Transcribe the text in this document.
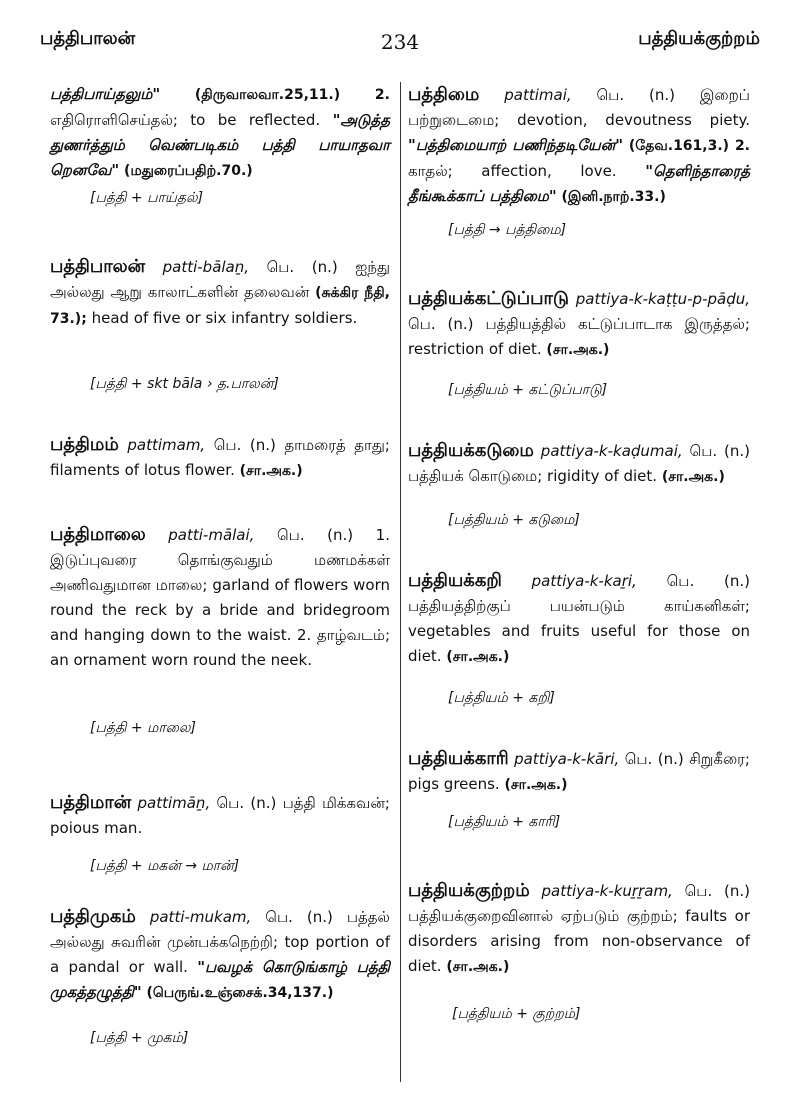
பத்திபாலன்	234	பத்தியக்குற்றம்

பத்திபாய்தலும்" (திருவாலவா.25,11.) 2. எதிரொளிசெய்தல்; to be reflected. "அடுத்த துணர்த்தும் வெண்படிகம் பத்தி பாயாதவா றெனவே" (மதுரைப்பதிற்.70.)

[பத்தி + பாய்தல்]

பத்திபாலன் patti-bālaṉ, பெ. (n.) ஐந்து அல்லது ஆறு காலாட்களின் தலைவன் (சுக்கிர நீதி, 73.); head of five or six infantry soldiers.

[பத்தி + skt bāla › த.பாலன்]

பத்திமம் pattimam, பெ. (n.) தாமரைத் தாது; filaments of lotus flower. (சா.அக.)

பத்திமாலை patti-mālai, பெ. (n.) 1. இடுப்புவரை தொங்குவதும் மணமக்கள் அணிவதுமான மாலை; garland of flowers worn round the reck by a bride and bridegroom and hanging down to the waist. 2. தாழ்வடம்; an ornament worn round the neek.

[பத்தி + மாலை]

பத்திமான் pattimāṉ, பெ. (n.) பத்தி மிக்கவன்; poious man.

[பத்தி + மகன் → மான்]

பத்திமுகம் patti-mukam, பெ. (n.) பத்தல் அல்லது சுவரின் முன்பக்கநெற்றி; top portion of a pandal or wall. "பவழக் கொடுங்காழ் பத்தி முகத்தழுத்தி" (பெருங்.உஞ்சைக்.34,137.)

[பத்தி + முகம்]

பத்திமை pattimai, பெ. (n.) இறைப் பற்றுடைமை; devotion, devoutness piety. "பத்திமையாற் பணிந்தடியேன்" (தேவ.161,3.) 2. காதல்; affection, love. "தெளிந்தாரைத் தீங்கூக்காப் பத்திமை" (இனி.நாற்.33.)

[பத்தி → பத்திமை]

பத்தியக்கட்டுப்பாடு pattiya-k-kaṭṭu-p-pāḍu, பெ. (n.) பத்தியத்தில் கட்டுப்பாடாக இருத்தல்; restriction of diet. (சா.அக.)

[பத்தியம் + கட்டுப்பாடு]

பத்தியக்கடுமை pattiya-k-kaḍumai, பெ. (n.) பத்தியக் கொடுமை; rigidity of diet. (சா.அக.)

[பத்தியம் + கடுமை]

பத்தியக்கறி pattiya-k-kaṟi, பெ. (n.) பத்தியத்திற்குப் பயன்படும் காய்கனிகள்; vegetables and fruits useful for those on diet. (சா.அக.)

[பத்தியம் + கறி]

பத்தியக்காரி pattiya-k-kāri, பெ. (n.) சிறுகீரை; pigs greens. (சா.அக.)

[பத்தியம் + காரி]

பத்தியக்குற்றம் pattiya-k-kuṟṟam, பெ. (n.) பத்தியக்குறைவினால் ஏற்படும் குற்றம்; faults or disorders arising from non-observance of diet. (சா.அக.)

[பத்தியம் + குற்றம்]
